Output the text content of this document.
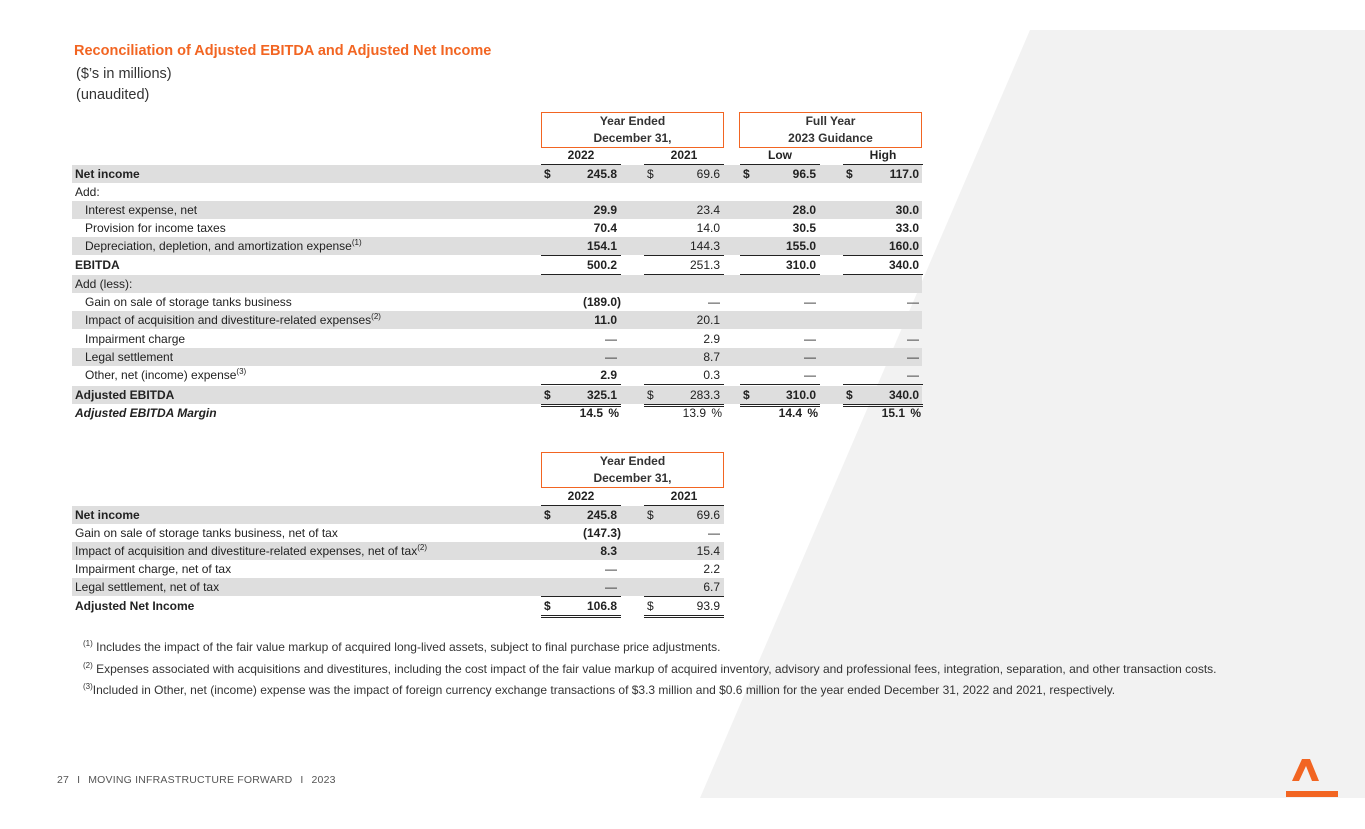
Reconciliation of Adjusted EBITDA and Adjusted Net Income
($’s in millions)
(unaudited)
Year Ended
December 31,
Full Year
2023 Guidance
2022	2021	Low	High
Net income	$	245.8	$	69.6 $	96.5	$	117.0
Add:
Interest expense, net	29.9	23.4	28.0	30.0
Provision for income taxes	70.4	14.0	30.5	33.0
Depreciation, depletion, and amortization expense$^{(1)}$	154.1	144.3	155.0	160.0
EBITDA	500.2	251.3	310.0	340.0
Add (less):
Gain on sale of storage tanks business	(189.0)	—	—	—
Impact of acquisition and divestiture-related expenses$^{(2)}$	11.0	20.1
Impairment charge	—	2.9	—	—
Legal settlement	—	8.7	—	—
Other, net (income) expense$^{(3)}$	2.9	0.3	—	—
Adjusted EBITDA	$	325.1	$	283.3 $	310.0	$	340.0
Adjusted EBITDA Margin	14.5 %	13.9 %	14.4 %	15.1 %
Year Ended
December 31,
2022	2021
Net income	$	245.8	$	69.6
Gain on sale of storage tanks business, net of tax	(147.3)	—
Impact of acquisition and divestiture-related expenses, net of tax$^{(2)}$	8.3	15.4
Impairment charge, net of tax	—	2.2
Legal settlement, net of tax	—	6.7
Adjusted Net Income	$	106.8	$	93.9
$^{(1)}$ Includes the impact of the fair value markup of acquired long-lived assets, subject to final purchase price adjustments.
$^{(2)}$ Expenses associated with acquisitions and divestitures, including the cost impact of the fair value markup of acquired inventory, advisory and professional fees, integration, separation, and other transaction costs.
$^{(3)}$Included in Other, net (income) expense was the impact of foreign currency exchange transactions of $3.3 million and $0.6 million for the year ended December 31, 2022 and 2021, respectively.
27 I MOVING INFRASTRUCTURE FORWARD I 2023
